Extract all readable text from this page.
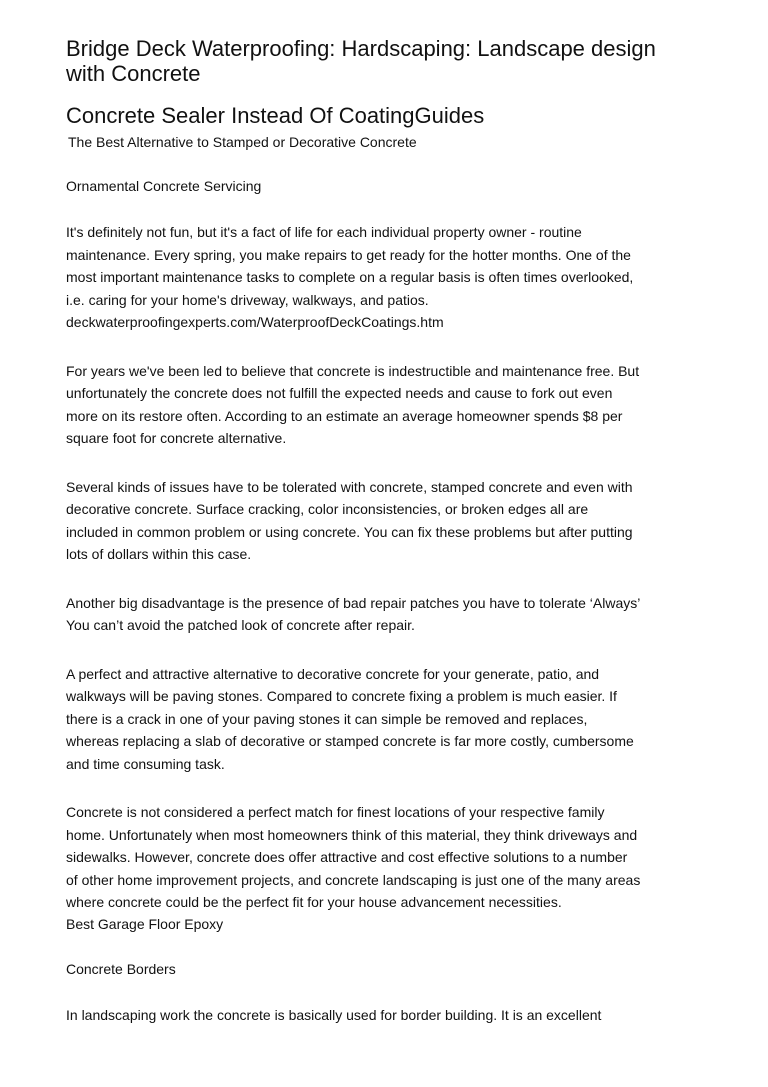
Bridge Deck Waterproofing: Hardscaping: Landscape design
with Concrete
Concrete Sealer Instead Of CoatingGuides
The Best Alternative to Stamped or Decorative Concrete
Ornamental Concrete Servicing

It's definitely not fun, but it's a fact of life for each individual property owner - routine
maintenance. Every spring, you make repairs to get ready for the hotter months. One of the
most important maintenance tasks to complete on a regular basis is often times overlooked,
i.e. caring for your home's driveway, walkways, and patios.
deckwaterproofingexperts.com/WaterproofDeckCoatings.htm

For years we've been led to believe that concrete is indestructible and maintenance free. But
unfortunately the concrete does not fulfill the expected needs and cause to fork out even
more on its restore often. According to an estimate an average homeowner spends $8 per
square foot for concrete alternative.

Several kinds of issues have to be tolerated with concrete, stamped concrete and even with
decorative concrete. Surface cracking, color inconsistencies, or broken edges all are
included in common problem or using concrete. You can fix these problems but after putting
lots of dollars within this case.

Another big disadvantage is the presence of bad repair patches you have to tolerate ‘Always’
You can’t avoid the patched look of concrete after repair.

A perfect and attractive alternative to decorative concrete for your generate, patio, and
walkways will be paving stones. Compared to concrete fixing a problem is much easier. If
there is a crack in one of your paving stones it can simple be removed and replaces,
whereas replacing a slab of decorative or stamped concrete is far more costly, cumbersome
and time consuming task.

Concrete is not considered a perfect match for finest locations of your respective family
home. Unfortunately when most homeowners think of this material, they think driveways and
sidewalks. However, concrete does offer attractive and cost effective solutions to a number
of other home improvement projects, and concrete landscaping is just one of the many areas
where concrete could be the perfect fit for your house advancement necessities.

Best Garage Floor Epoxy
Concrete Borders

In landscaping work the concrete is basically used for border building. It is an excellent
